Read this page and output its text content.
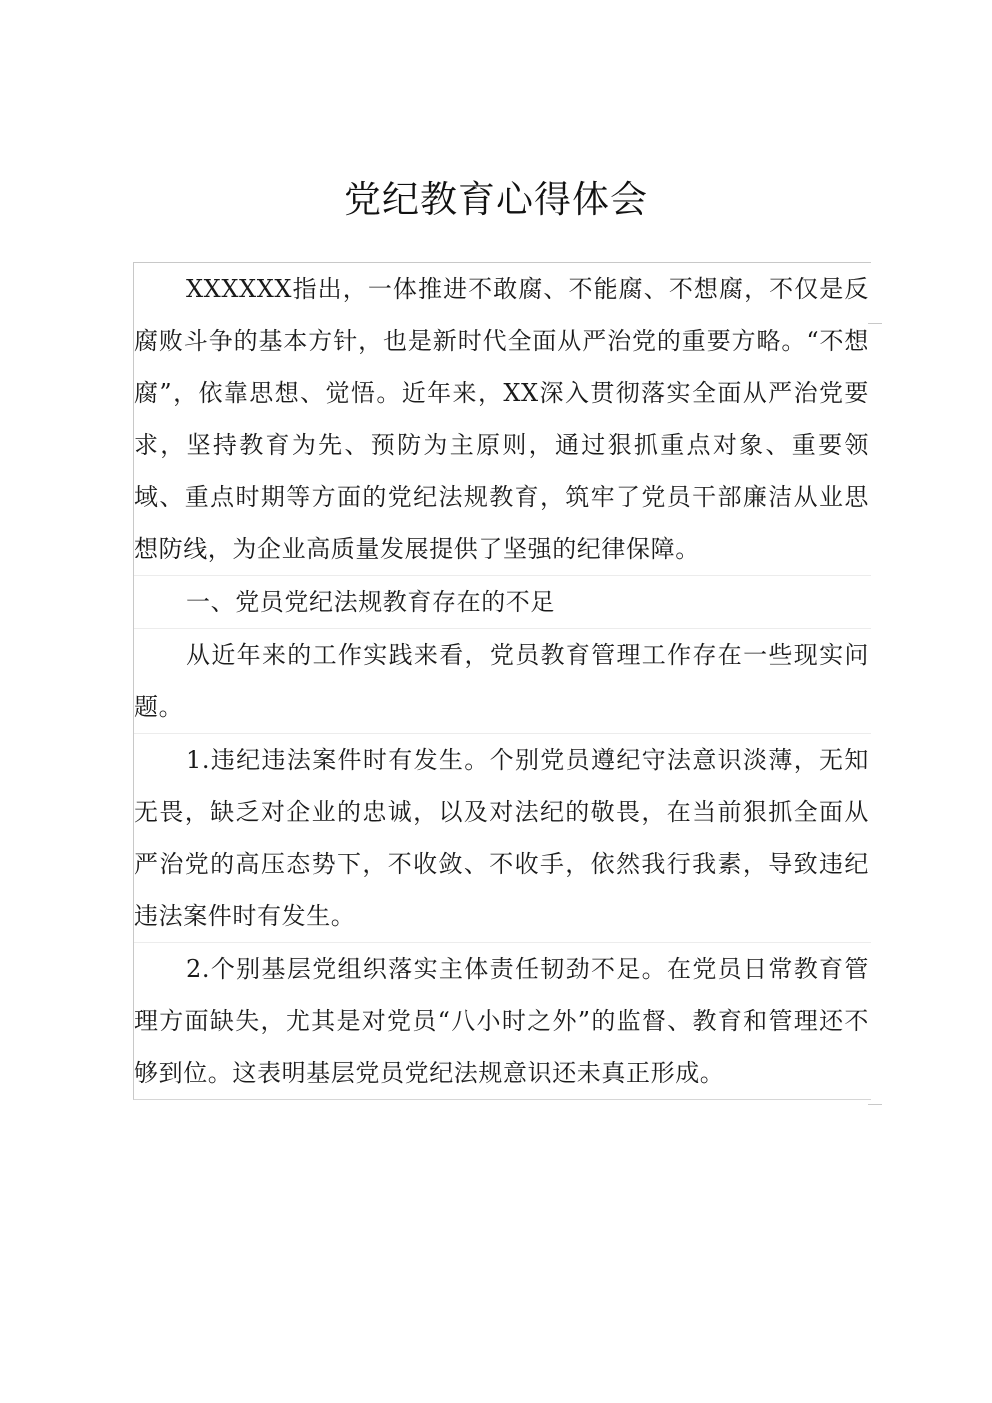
党纪教育心得体会

XXXXXX指出，一体推进不敢腐、不能腐、不想腐，不仅是反腐败斗争的基本方针，也是新时代全面从严治党的重要方略。“不想腐”，依靠思想、觉悟。近年来，XX深入贯彻落实全面从严治党要求，坚持教育为先、预防为主原则，通过狠抓重点对象、重要领域、重点时期等方面的党纪法规教育，筑牢了党员干部廉洁从业思想防线，为企业高质量发展提供了坚强的纪律保障。

一、党员党纪法规教育存在的不足

从近年来的工作实践来看，党员教育管理工作存在一些现实问题。

1.违纪违法案件时有发生。个别党员遵纪守法意识淡薄，无知无畏，缺乏对企业的忠诚，以及对法纪的敬畏，在当前狠抓全面从严治党的高压态势下，不收敛、不收手，依然我行我素，导致违纪违法案件时有发生。

2.个别基层党组织落实主体责任韧劲不足。在党员日常教育管理方面缺失，尤其是对党员“八小时之外”的监督、教育和管理还不够到位。这表明基层党员党纪法规意识还未真正形成。
